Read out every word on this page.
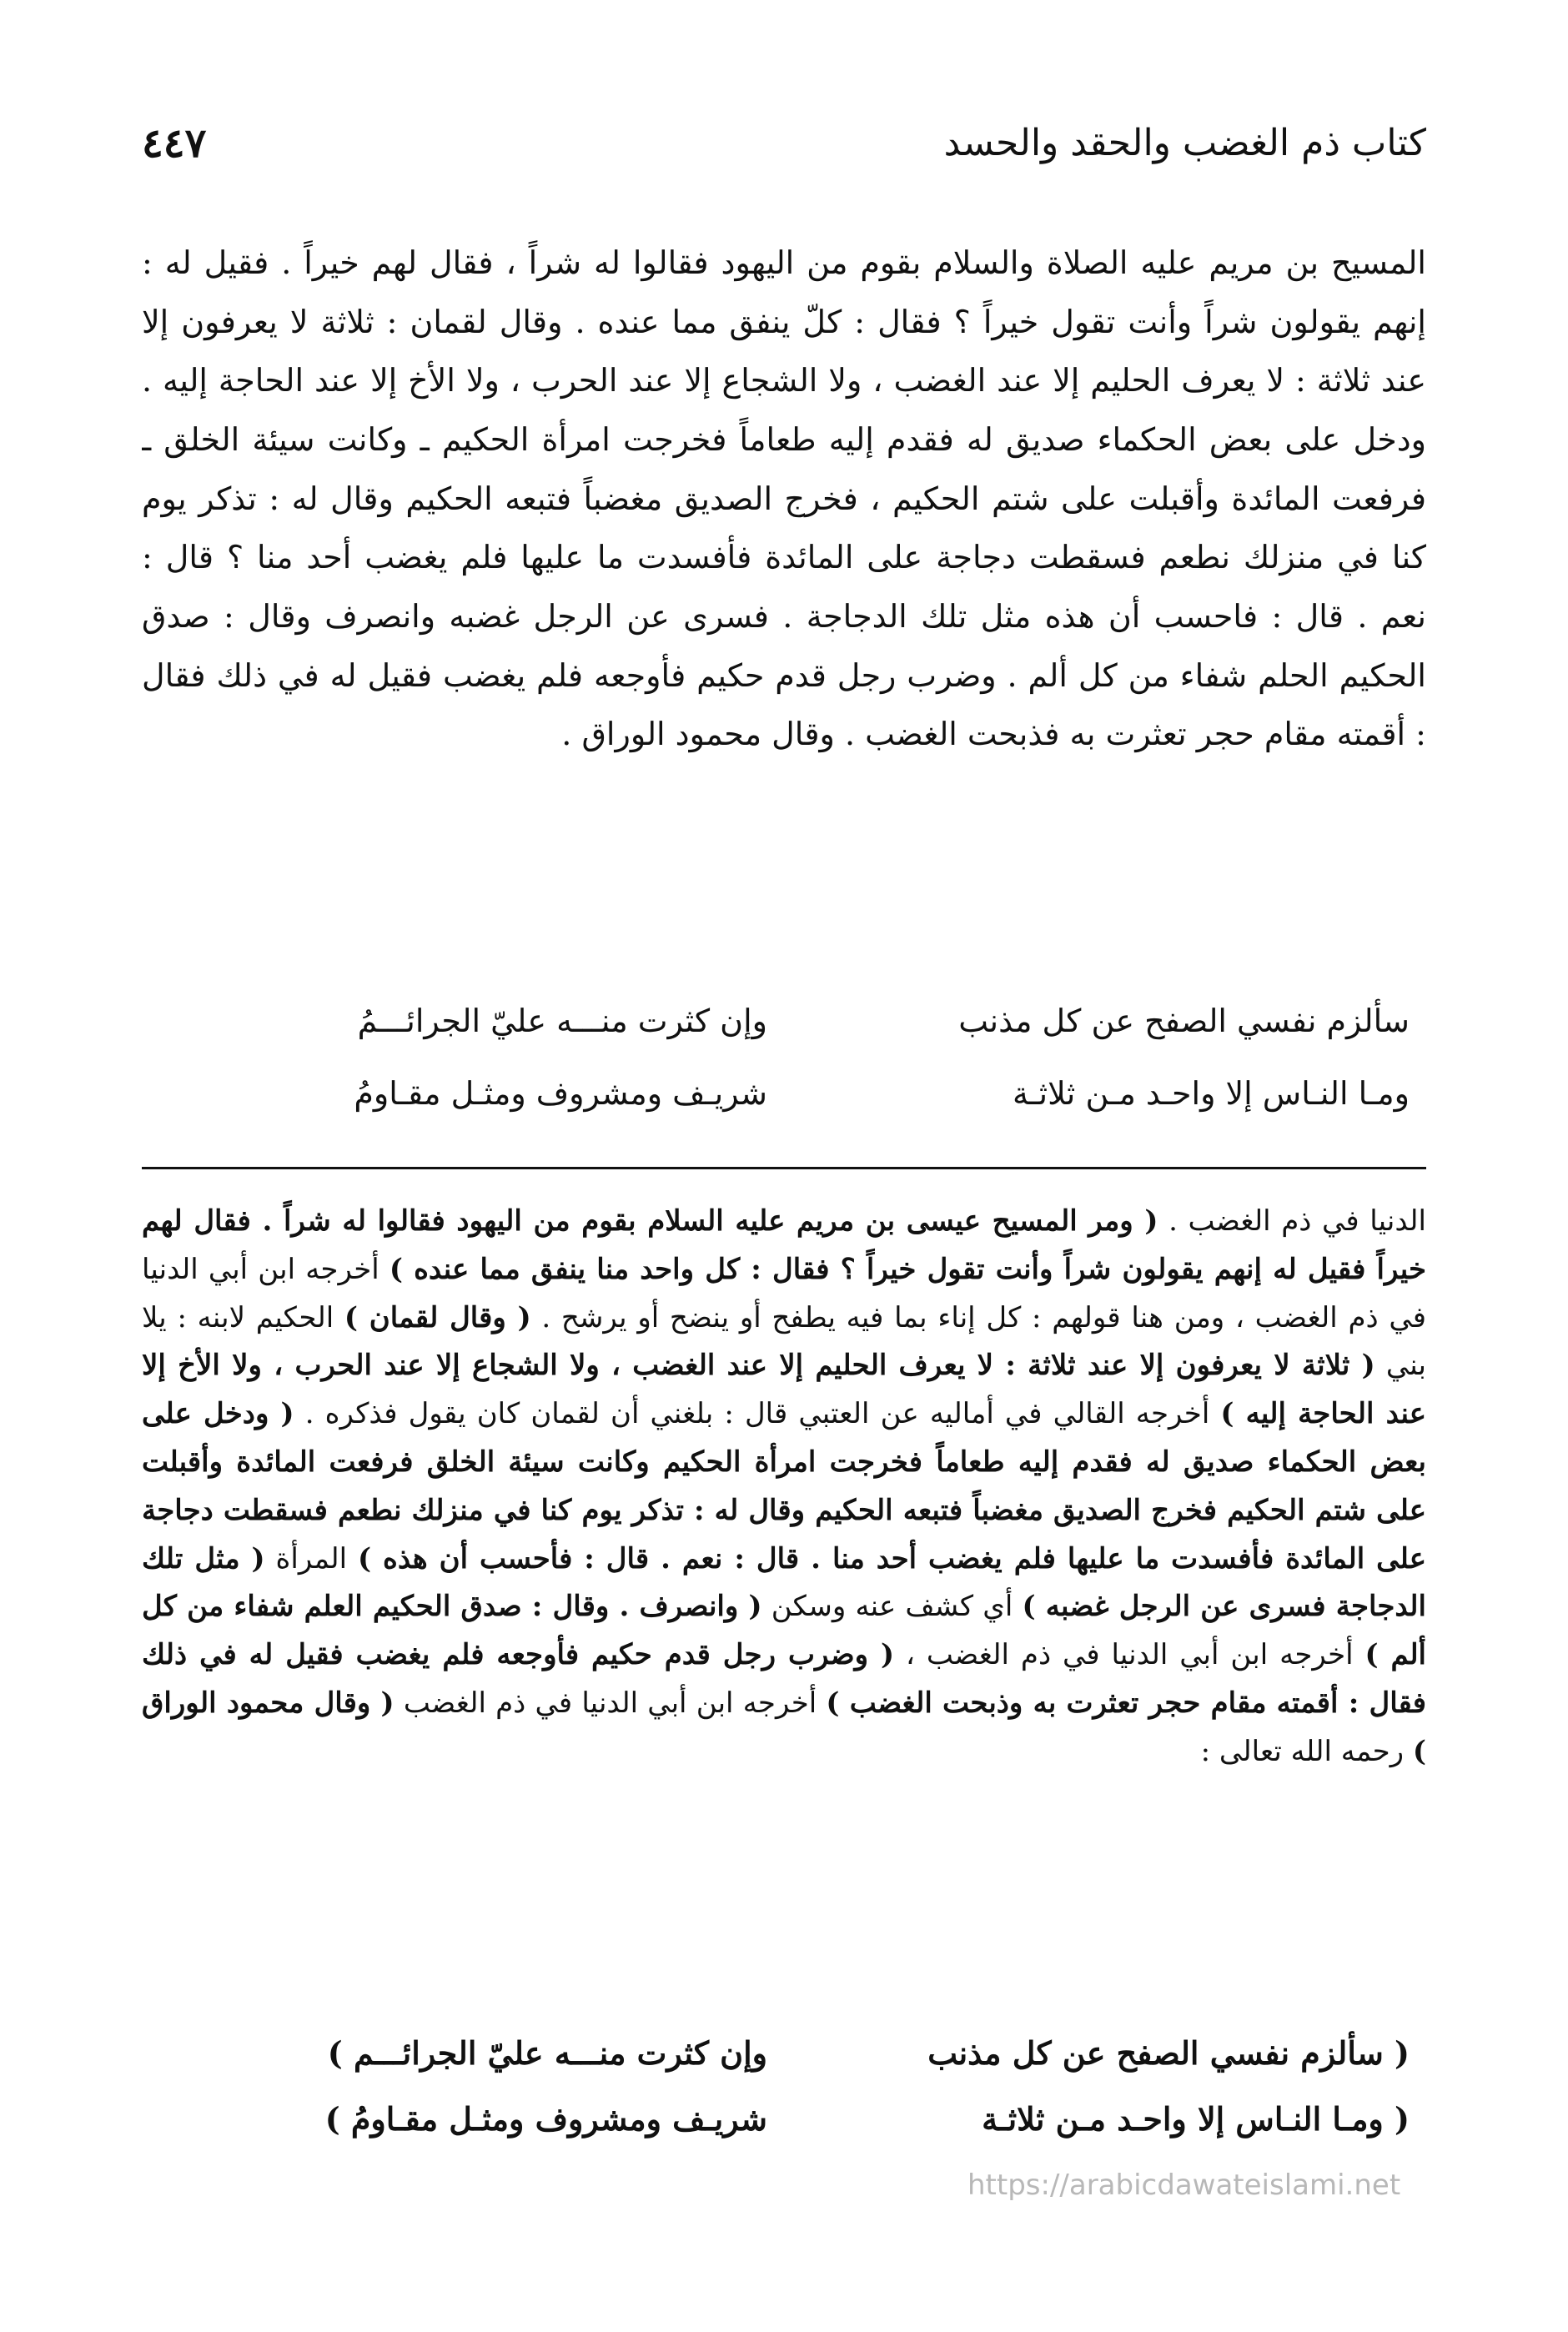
كتاب ذم الغضب والحقد والحسد
٤٤٧
المسيح بن مريم عليه الصلاة والسلام بقوم من اليهود فقالوا له شراً ، فقال لهم خيراً . فقيل له : إنهم يقولون شراً وأنت تقول خيراً ؟ فقال : كلّ ينفق مما عنده . وقال لقمان : ثلاثة لا يعرفون إلا عند ثلاثة : لا يعرف الحليم إلا عند الغضب ، ولا الشجاع إلا عند الحرب ، ولا الأخ إلا عند الحاجة إليه . ودخل على بعض الحكماء صديق له فقدم إليه طعاماً فخرجت امرأة الحكيم ـ وكانت سيئة الخلق ـ فرفعت المائدة وأقبلت على شتم الحكيم ، فخرج الصديق مغضباً فتبعه الحكيم وقال له : تذكر يوم كنا في منزلك نطعم فسقطت دجاجة على المائدة فأفسدت ما عليها فلم يغضب أحد منا ؟ قال : نعم . قال : فاحسب أن هذه مثل تلك الدجاجة . فسرى عن الرجل غضبه وانصرف وقال : صدق الحكيم الحلم شفاء من كل ألم . وضرب رجل قدم حكيم فأوجعه فلم يغضب فقيل له في ذلك فقال : أقمته مقام حجر تعثرت به فذبحت الغضب . وقال محمود الوراق .
سألزم نفسي الصفح عن كل مذنب
وإن كثرت منـــه عليّ الجرائـــمُ
ومـا النـاس إلا واحـد مـن ثلاثـة
شريـف ومشروف ومثـل مقـاومُ
الدنيا في ذم الغضب . ( ومر المسيح عيسى بن مريم عليه السلام بقوم من اليهود فقالوا له شراً . فقال لهم خيراً فقيل له إنهم يقولون شراً وأنت تقول خيراً ؟ فقال : كل واحد منا ينفق مما عنده ) أخرجه ابن أبي الدنيا في ذم الغضب ، ومن هنا قولهم : كل إناء بما فيه يطفح أو ينضح أو يرشح . ( وقال لقمان ) الحكيم لابنه : يلا بني ( ثلاثة لا يعرفون إلا عند ثلاثة : لا يعرف الحليم إلا عند الغضب ، ولا الشجاع إلا عند الحرب ، ولا الأخ إلا عند الحاجة إليه ) أخرجه القالي في أماليه عن العتبي قال : بلغني أن لقمان كان يقول فذكره . ( ودخل على بعض الحكماء صديق له فقدم إليه طعاماً فخرجت امرأة الحكيم وكانت سيئة الخلق فرفعت المائدة وأقبلت على شتم الحكيم فخرج الصديق مغضباً فتبعه الحكيم وقال له : تذكر يوم كنا في منزلك نطعم فسقطت دجاجة على المائدة فأفسدت ما عليها فلم يغضب أحد منا . قال : نعم . قال : فأحسب أن هذه ) المرأة ( مثل تلك الدجاجة فسرى عن الرجل غضبه ) أي كشف عنه وسكن ( وانصرف . وقال : صدق الحكيم العلم شفاء من كل ألم ) أخرجه ابن أبي الدنيا في ذم الغضب ، ( وضرب رجل قدم حكيم فأوجعه فلم يغضب فقيل له في ذلك فقال : أقمته مقام حجر تعثرت به وذبحت الغضب ) أخرجه ابن أبي الدنيا في ذم الغضب ( وقال محمود الوراق ) رحمه الله تعالى :
( سألزم نفسي الصفح عن كل مذنب
وإن كثرت منـــه عليّ الجرائـــم )
( ومـا النـاس إلا واحـد مـن ثلاثـة
شريـف ومشروف ومثـل مقـاومُ )
https://arabicdawateislami.net
